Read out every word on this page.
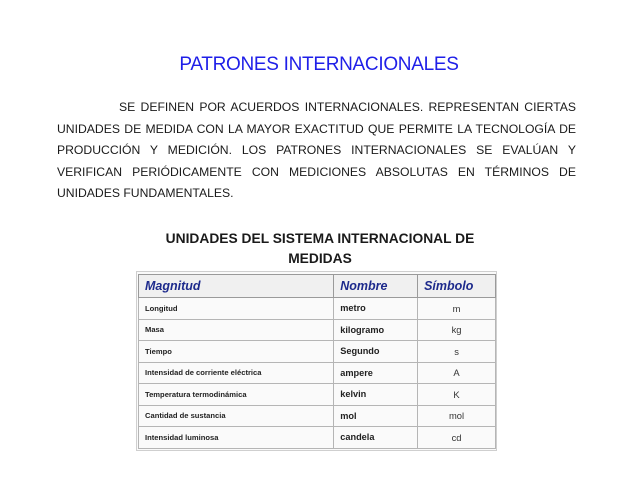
PATRONES INTERNACIONALES

SE DEFINEN POR ACUERDOS INTERNACIONALES. REPRESENTAN CIERTAS UNIDADES DE MEDIDA CON LA MAYOR EXACTITUD QUE PERMITE LA TECNOLOGÍA DE PRODUCCIÓN Y MEDICIÓN. LOS PATRONES INTERNACIONALES SE EVALÚAN Y VERIFICAN PERIÓDICAMENTE CON MEDICIONES ABSOLUTAS EN TÉRMINOS DE UNIDADES FUNDAMENTALES.

UNIDADES DEL SISTEMA INTERNACIONAL DE MEDIDAS
Magnitud	Nombre	Símbolo
Longitud	metro	m
Masa	kilogramo	kg
Tiempo	Segundo	s
Intensidad de corriente eléctrica	ampere	A
Temperatura termodinámica	kelvin	K
Cantidad de sustancia	mol	mol
Intensidad luminosa	candela	cd
